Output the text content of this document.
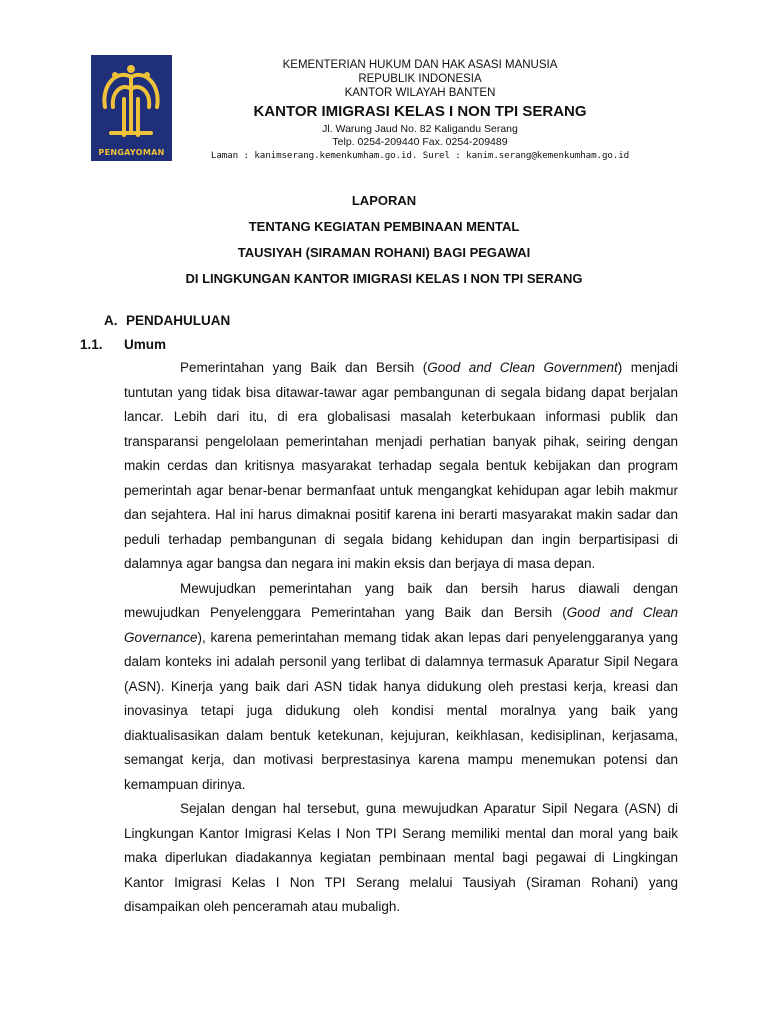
PENGAYOMAN
KEMENTERIAN HUKUM DAN HAK ASASI MANUSIA
REPUBLIK INDONESIA
KANTOR WILAYAH BANTEN
KANTOR IMIGRASI KELAS I NON TPI SERANG
Jl. Warung Jaud No. 82 Kaligandu Serang
Telp. 0254-209440 Fax. 0254-209489
Laman : kanimserang.kemenkumham.go.id. Surel : kanim.serang@kemenkumham.go.id
LAPORAN
TENTANG KEGIATAN PEMBINAAN MENTAL
TAUSIYAH (SIRAMAN ROHANI) BAGI PEGAWAI
DI LINGKUNGAN KANTOR IMIGRASI KELAS I NON TPI SERANG
A. PENDAHULUAN
1.1. Umum

Pemerintahan yang Baik dan Bersih (Good and Clean Government) menjadi tuntutan yang tidak bisa ditawar-tawar agar pembangunan di segala bidang dapat berjalan lancar. Lebih dari itu, di era globalisasi masalah keterbukaan informasi publik dan transparansi pengelolaan pemerintahan menjadi perhatian banyak pihak, seiring dengan makin cerdas dan kritisnya masyarakat terhadap segala bentuk kebijakan dan program pemerintah agar benar-benar bermanfaat untuk mengangkat kehidupan agar lebih makmur dan sejahtera. Hal ini harus dimaknai positif karena ini berarti masyarakat makin sadar dan peduli terhadap pembangunan di segala bidang kehidupan dan ingin berpartisipasi di dalamnya agar bangsa dan negara ini makin eksis dan berjaya di masa depan.

Mewujudkan pemerintahan yang baik dan bersih harus diawali dengan mewujudkan Penyelenggara Pemerintahan yang Baik dan Bersih (Good and Clean Governance), karena pemerintahan memang tidak akan lepas dari penyelenggaranya yang dalam konteks ini adalah personil yang terlibat di dalamnya termasuk Aparatur Sipil Negara (ASN). Kinerja yang baik dari ASN tidak hanya didukung oleh prestasi kerja, kreasi dan inovasinya tetapi juga didukung oleh kondisi mental moralnya yang baik yang diaktualisasikan dalam bentuk ketekunan, kejujuran, keikhlasan, kedisiplinan, kerjasama, semangat kerja, dan motivasi berprestasinya karena mampu menemukan potensi dan kemampuan dirinya.

Sejalan dengan hal tersebut, guna mewujudkan Aparatur Sipil Negara (ASN) di Lingkungan Kantor Imigrasi Kelas I Non TPI Serang memiliki mental dan moral yang baik maka diperlukan diadakannya kegiatan pembinaan mental bagi pegawai di Lingkingan Kantor Imigrasi Kelas I Non TPI Serang melalui Tausiyah (Siraman Rohani) yang disampaikan oleh penceramah atau mubaligh.
